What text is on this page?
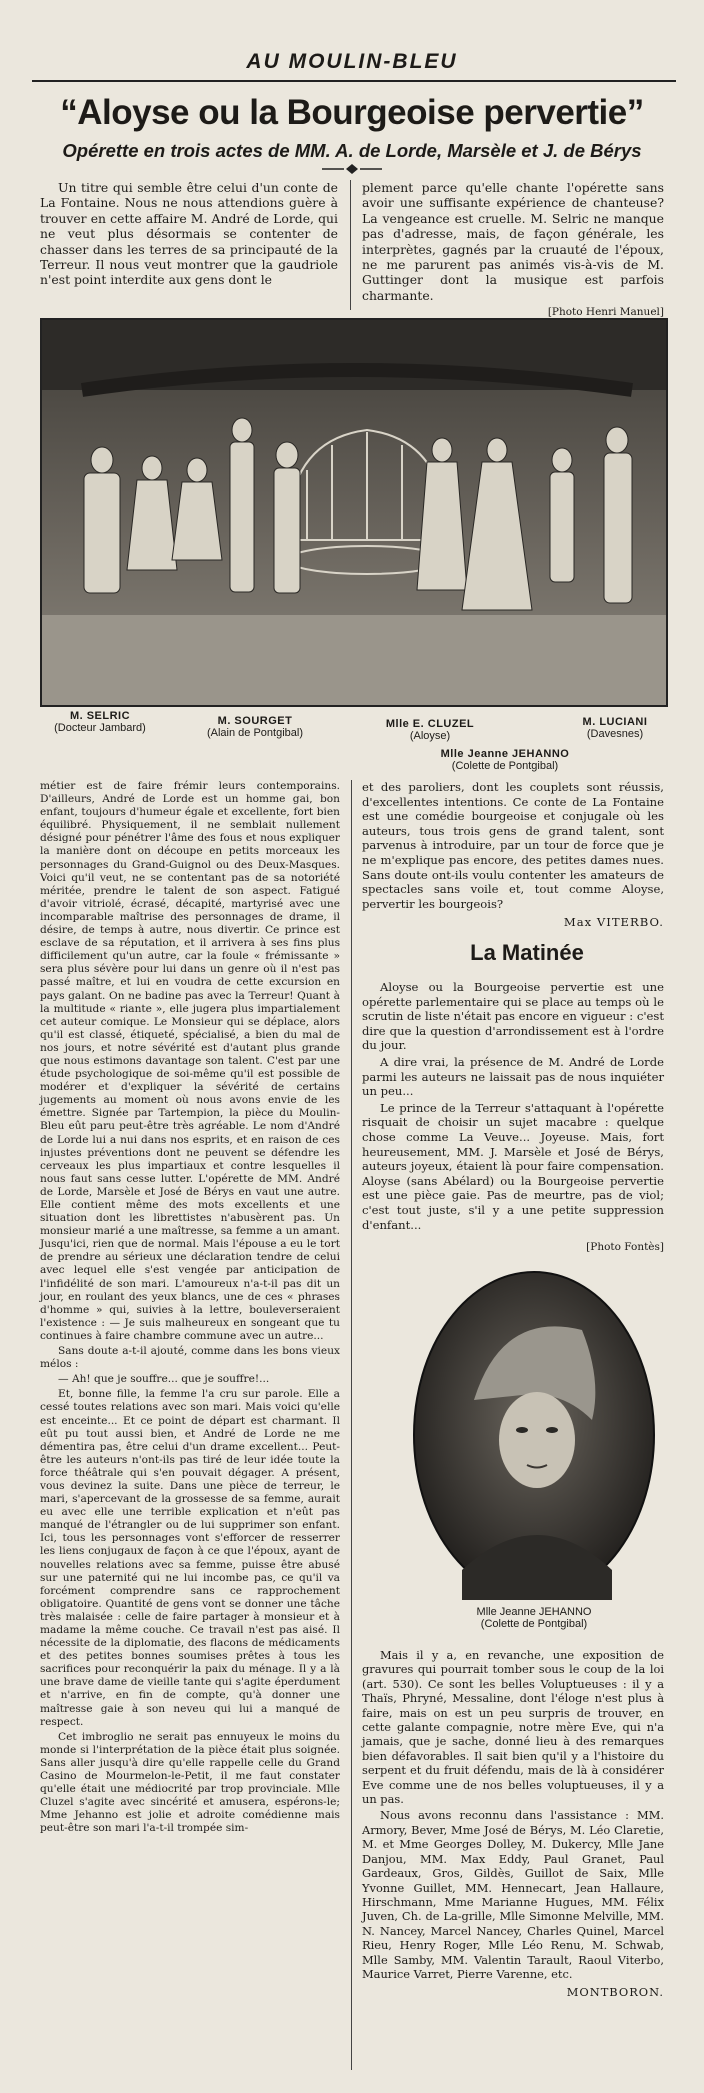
AU MOULIN-BLEU
“Aloyse ou la Bourgeoise pervertie”
Opérette en trois actes de MM. A. de Lorde, Marsèle et J. de Bérys

Un titre qui semble être celui d'un conte de La Fontaine. Nous ne nous attendions guère à trouver en cette affaire M. André de Lorde, qui ne veut plus désormais se contenter de chasser dans les terres de sa principauté de la Terreur. Il nous veut montrer que la gaudriole n'est point interdite aux gens dont le

plement parce qu'elle chante l'opérette sans avoir une suffisante expérience de chanteuse? La vengeance est cruelle. M. Selric ne manque pas d'adresse, mais, de façon générale, les interprètes, gagnés par la cruauté de l'époux, ne me parurent pas animés vis-à-vis de M. Guttinger dont la musique est parfois charmante.

[Photo Henri Manuel]

M. SELRIC
(Docteur Jambard)
M. SOURGET
(Alain de Pontgibal)
Mlle E. CLUZEL
(Aloyse)
Mlle Jeanne JEHANNO
(Colette de Pontgibal)
M. LUCIANI
(Davesnes)

métier est de faire frémir leurs contemporains. D'ailleurs, André de Lorde est un homme gai, bon enfant, toujours d'humeur égale et excellente, fort bien équilibré. Physiquement, il ne semblait nullement désigné pour pénétrer l'âme des fous et nous expliquer la manière dont on découpe en petits morceaux les personnages du Grand-Guignol ou des Deux-Masques. Voici qu'il veut, ne se contentant pas de sa notoriété méritée, prendre le talent de son aspect. Fatigué d'avoir vitriolé, écrasé, décapité, martyrisé avec une incomparable maîtrise des personnages de drame, il désire, de temps à autre, nous divertir. Ce prince est esclave de sa réputation, et il arrivera à ses fins plus difficilement qu'un autre, car la foule « frémissante » sera plus sévère pour lui dans un genre où il n'est pas passé maître, et lui en voudra de cette excursion en pays galant. On ne badine pas avec la Terreur! Quant à la multitude « riante », elle jugera plus impartialement cet auteur comique. Le Monsieur qui se déplace, alors qu'il est classé, étiqueté, spécialisé, a bien du mal de nos jours, et notre sévérité est d'autant plus grande que nous estimons davantage son talent. C'est par une étude psychologique de soi-même qu'il est possible de modérer et d'expliquer la sévérité de certains jugements au moment où nous avons envie de les émettre. Signée par Tartempion, la pièce du Moulin-Bleu eût paru peut-être très agréable. Le nom d'André de Lorde lui a nui dans nos esprits, et en raison de ces injustes préventions dont ne peuvent se défendre les cerveaux les plus impartiaux et contre lesquelles il nous faut sans cesse lutter. L'opérette de MM. André de Lorde, Marsèle et José de Bérys en vaut une autre. Elle contient même des mots excellents et une situation dont les librettistes n'abusèrent pas. Un monsieur marié a une maîtresse, sa femme a un amant. Jusqu'ici, rien que de normal. Mais l'épouse a eu le tort de prendre au sérieux une déclaration tendre de celui avec lequel elle s'est vengée par anticipation de l'infidélité de son mari. L'amoureux n'a-t-il pas dit un jour, en roulant des yeux blancs, une de ces « phrases d'homme » qui, suivies à la lettre, bouleverseraient l'existence : — Je suis malheureux en songeant que tu continues à faire chambre commune avec un autre...

Sans doute a-t-il ajouté, comme dans les bons vieux mélos :

— Ah! que je souffre... que je souffre!...

Et, bonne fille, la femme l'a cru sur parole. Elle a cessé toutes relations avec son mari. Mais voici qu'elle est enceinte... Et ce point de départ est charmant. Il eût pu tout aussi bien, et André de Lorde ne me démentira pas, être celui d'un drame excellent... Peut-être les auteurs n'ont-ils pas tiré de leur idée toute la force théâtrale qui s'en pouvait dégager. A présent, vous devinez la suite. Dans une pièce de terreur, le mari, s'apercevant de la grossesse de sa femme, aurait eu avec elle une terrible explication et n'eût pas manqué de l'étrangler ou de lui supprimer son enfant. Ici, tous les personnages vont s'efforcer de resserrer les liens conjugaux de façon à ce que l'époux, ayant de nouvelles relations avec sa femme, puisse être abusé sur une paternité qui ne lui incombe pas, ce qu'il va forcément comprendre sans ce rapprochement obligatoire. Quantité de gens vont se donner une tâche très malaisée : celle de faire partager à monsieur et à madame la même couche. Ce travail n'est pas aisé. Il nécessite de la diplomatie, des flacons de médicaments et des petites bonnes soumises prêtes à tous les sacrifices pour reconquérir la paix du ménage. Il y a là une brave dame de vieille tante qui s'agite éperdument et n'arrive, en fin de compte, qu'à donner une maîtresse gaie à son neveu qui lui a manqué de respect.

Cet imbroglio ne serait pas ennuyeux le moins du monde si l'interprétation de la pièce était plus soignée. Sans aller jusqu'à dire qu'elle rappelle celle du Grand Casino de Mourmelon-le-Petit, il me faut constater qu'elle était une médiocrité par trop provinciale. Mlle Cluzel s'agite avec sincérité et amusera, espérons-le; Mme Jehanno est jolie et adroite comédienne mais peut-être son mari l'a-t-il trompée sim-

et des paroliers, dont les couplets sont réussis, d'excellentes intentions. Ce conte de La Fontaine est une comédie bourgeoise et conjugale où les auteurs, tous trois gens de grand talent, sont parvenus à introduire, par un tour de force que je ne m'explique pas encore, des petites dames nues. Sans doute ont-ils voulu contenter les amateurs de spectacles sans voile et, tout comme Aloyse, pervertir les bourgeois?

Max VITERBO.

La Matinée

Aloyse ou la Bourgeoise pervertie est une opérette parlementaire qui se place au temps où le scrutin de liste n'était pas encore en vigueur : c'est dire que la question d'arrondissement est à l'ordre du jour.

A dire vrai, la présence de M. André de Lorde parmi les auteurs ne laissait pas de nous inquiéter un peu...

Le prince de la Terreur s'attaquant à l'opérette risquait de choisir un sujet macabre : quelque chose comme La Veuve... Joyeuse. Mais, fort heureusement, MM. J. Marsèle et José de Bérys, auteurs joyeux, étaient là pour faire compensation. Aloyse (sans Abélard) ou la Bourgeoise pervertie est une pièce gaie. Pas de meurtre, pas de viol; c'est tout juste, s'il y a une petite suppression d'enfant...

[Photo Fontès]

Mlle Jeanne JEHANNO
(Colette de Pontgibal)

Mais il y a, en revanche, une exposition de gravures qui pourrait tomber sous le coup de la loi (art. 530). Ce sont les belles Voluptueuses : il y a Thaïs, Phryné, Messaline, dont l'éloge n'est plus à faire, mais on est un peu surpris de trouver, en cette galante compagnie, notre mère Eve, qui n'a jamais, que je sache, donné lieu à des remarques bien défavorables. Il sait bien qu'il y a l'histoire du serpent et du fruit défendu, mais de là à considérer Eve comme une de nos belles voluptueuses, il y a un pas.

Nous avons reconnu dans l'assistance : MM. Armory, Bever, Mme José de Bérys, M. Léo Claretie, M. et Mme Georges Dolley, M. Dukercy, Mlle Jane Danjou, MM. Max Eddy, Paul Granet, Paul Gardeaux, Gros, Gildès, Guillot de Saix, Mlle Yvonne Guillet, MM. Hennecart, Jean Hallaure, Hirschmann, Mme Marianne Hugues, MM. Félix Juven, Ch. de La-grille, Mlle Simonne Melville, MM. N. Nancey, Marcel Nancey, Charles Quinel, Marcel Rieu, Henry Roger, Mlle Léo Renu, M. Schwab, Mlle Samby, MM. Valentin Tarault, Raoul Viterbo, Maurice Varret, Pierre Varenne, etc.

MONTBORON.
